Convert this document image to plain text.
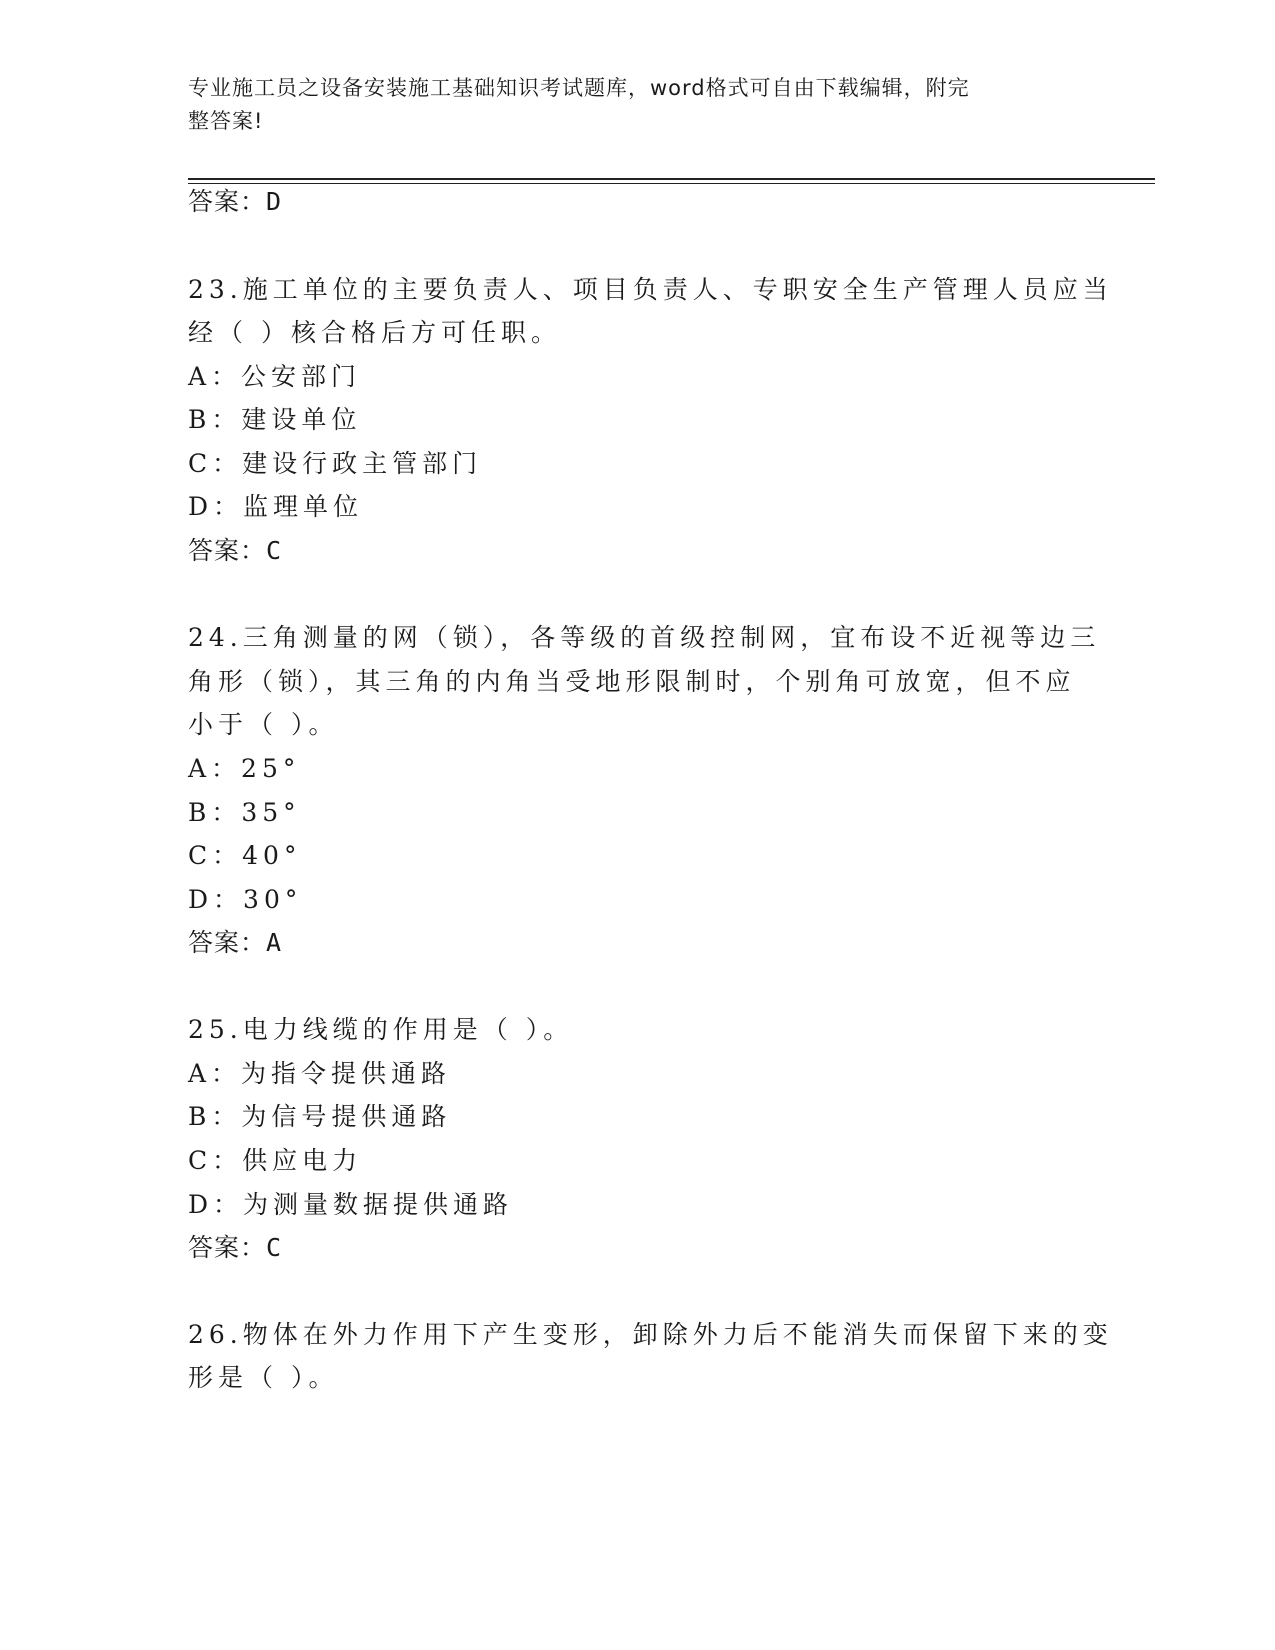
专业施工员之设备安装施工基础知识考试题库，word格式可自由下载编辑，附完
整答案!
答案：D
23.施工单位的主要负责人、项目负责人、专职安全生产管理人员应当
经（ ）核合格后方可任职。
A：公安部门
B：建设单位
C：建设行政主管部门
D：监理单位
答案：C
24.三角测量的网（锁），各等级的首级控制网，宜布设不近视等边三
角形（锁），其三角的内角当受地形限制时，个别角可放宽，但不应
小于（ ）。
A：25°
B：35°
C：40°
D：30°
答案：A
25.电力线缆的作用是（ ）。
A：为指令提供通路
B：为信号提供通路
C：供应电力
D：为测量数据提供通路
答案：C
26.物体在外力作用下产生变形，卸除外力后不能消失而保留下来的变
形是（ ）。
